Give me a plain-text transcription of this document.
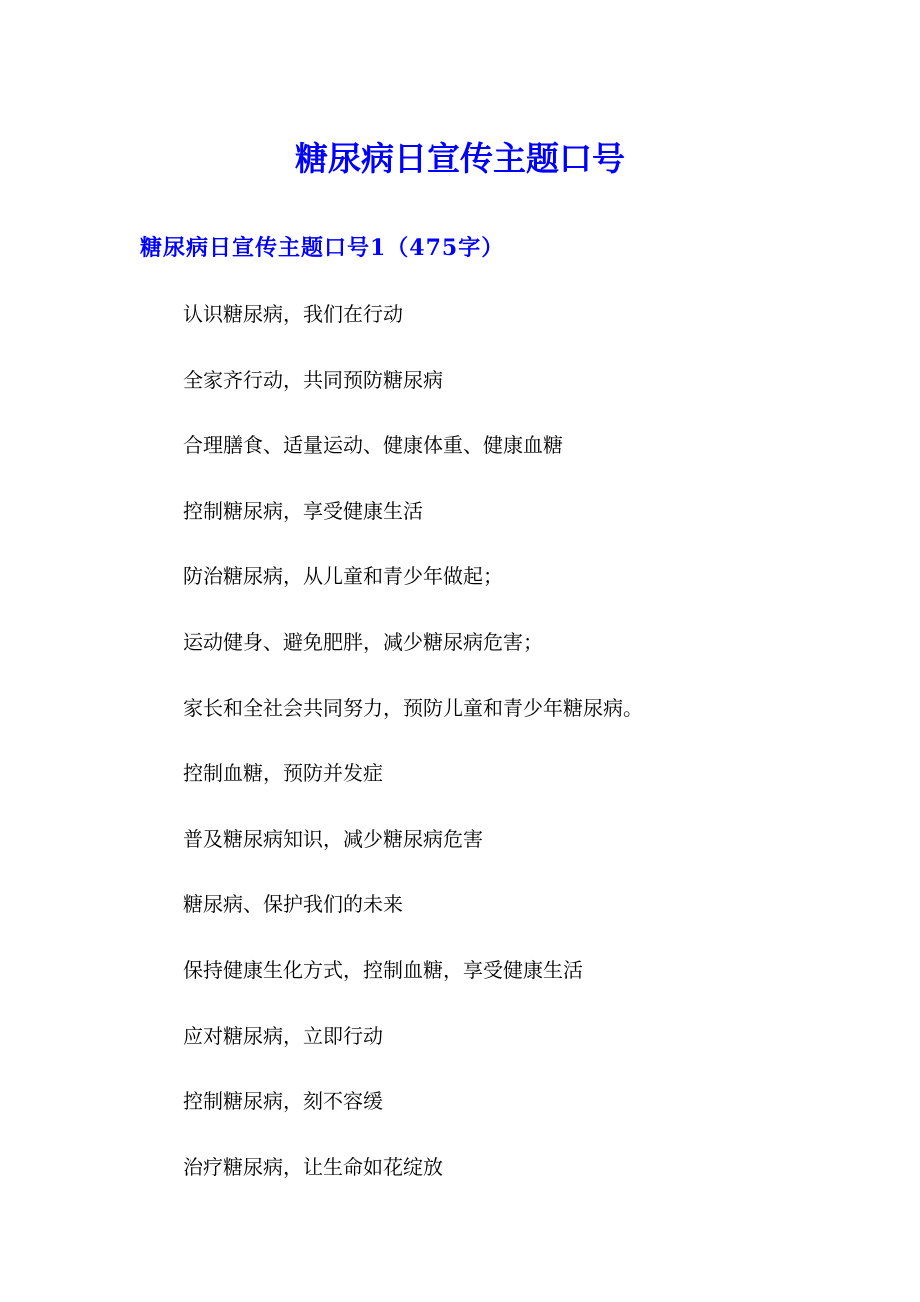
糖尿病日宣传主题口号
糖尿病日宣传主题口号1（475字）
认识糖尿病，我们在行动
全家齐行动，共同预防糖尿病
合理膳食、适量运动、健康体重、健康血糖
控制糖尿病，享受健康生活
防治糖尿病，从儿童和青少年做起；
运动健身、避免肥胖，减少糖尿病危害；
家长和全社会共同努力，预防儿童和青少年糖尿病。
控制血糖，预防并发症
普及糖尿病知识，减少糖尿病危害
糖尿病、保护我们的未来
保持健康生化方式，控制血糖，享受健康生活
应对糖尿病，立即行动
控制糖尿病，刻不容缓
治疗糖尿病，让生命如花绽放
